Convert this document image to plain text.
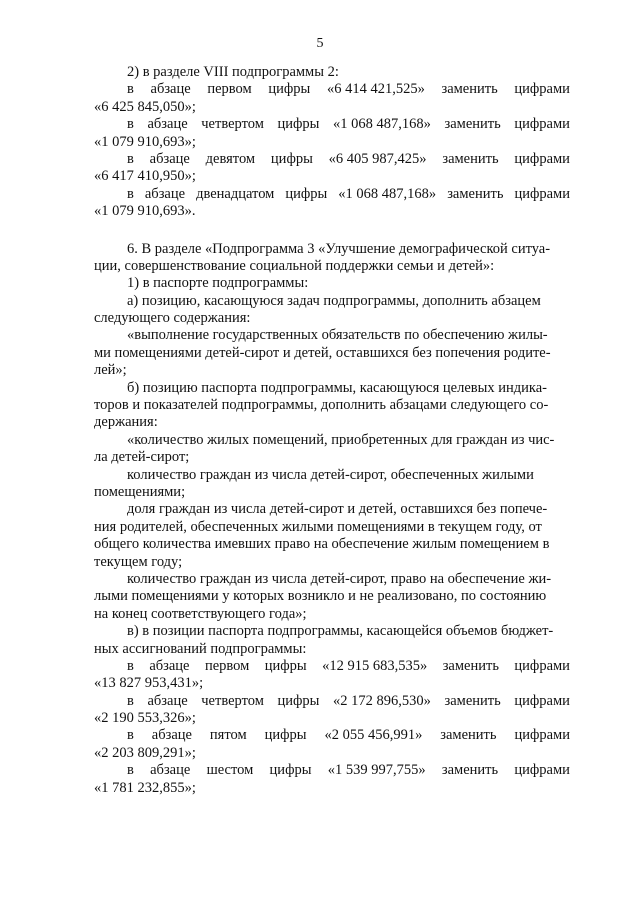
5
2) в разделе VIII подпрограммы 2:
в абзаце первом цифры «6 414 421,525» заменить цифрами
«6 425 845,050»;
в абзаце четвертом цифры «1 068 487,168» заменить цифрами
«1 079 910,693»;
в абзаце девятом цифры «6 405 987,425» заменить цифрами
«6 417 410,950»;
в абзаце двенадцатом цифры «1 068 487,168» заменить цифрами
«1 079 910,693».
6. В разделе «Подпрограмма 3 «Улучшение демографической ситуа-
ции, совершенствование социальной поддержки семьи и детей»:
1) в паспорте подпрограммы:
а) позицию, касающуюся задач подпрограммы, дополнить абзацем
следующего содержания:
«выполнение государственных обязательств по обеспечению жилы-
ми помещениями детей-сирот и детей, оставшихся без попечения родите-
лей»;
б) позицию паспорта подпрограммы, касающуюся целевых индика-
торов и показателей подпрограммы, дополнить абзацами следующего со-
держания:
«количество жилых помещений, приобретенных для граждан из чис-
ла детей-сирот;
количество граждан из числа детей-сирот, обеспеченных жилыми
помещениями;
доля граждан из числа детей-сирот и детей, оставшихся без попече-
ния родителей, обеспеченных жилыми помещениями в текущем году, от
общего количества имевших право на обеспечение жилым помещением в
текущем году;
количество граждан из числа детей-сирот, право на обеспечение жи-
лыми помещениями у которых возникло и не реализовано, по состоянию
на конец соответствующего года»;
в) в позиции паспорта подпрограммы, касающейся объемов бюджет-
ных ассигнований подпрограммы:
в абзаце первом цифры «12 915 683,535» заменить цифрами
«13 827 953,431»;
в абзаце четвертом цифры «2 172 896,530» заменить цифрами
«2 190 553,326»;
в абзаце пятом цифры «2 055 456,991» заменить цифрами
«2 203 809,291»;
в абзаце шестом цифры «1 539 997,755» заменить цифрами
«1 781 232,855»;
